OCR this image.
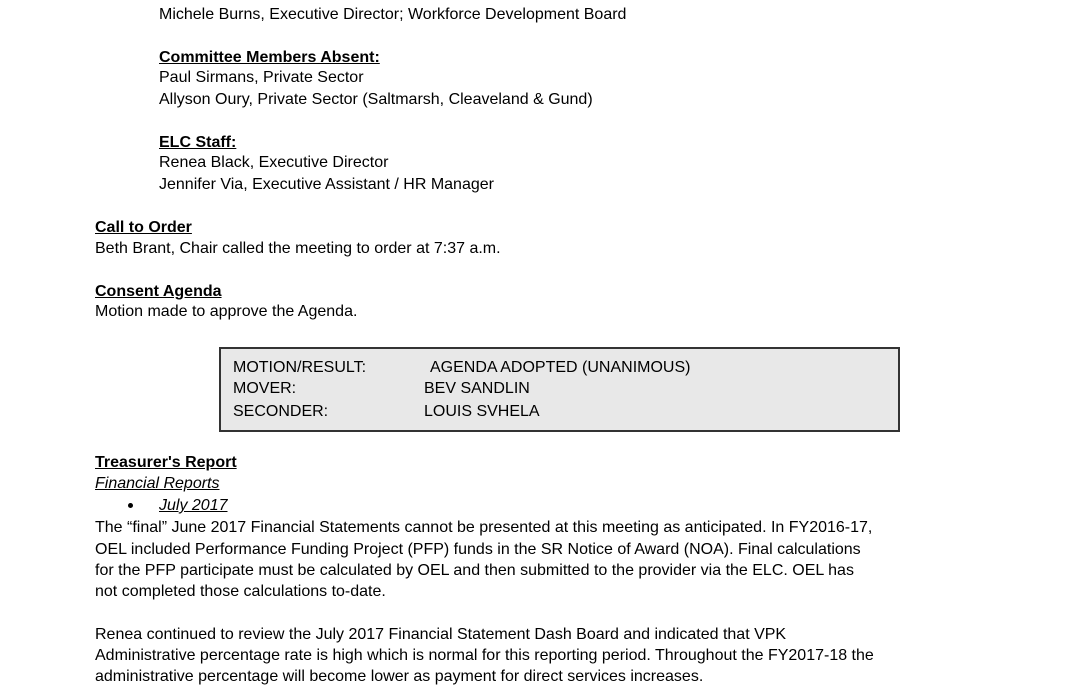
Michele Burns, Executive Director; Workforce Development Board
Committee Members Absent:
Paul Sirmans, Private Sector
Allyson Oury, Private Sector (Saltmarsh, Cleaveland & Gund)
ELC Staff:
Renea Black, Executive Director
Jennifer Via, Executive Assistant / HR Manager
Call to Order
Beth Brant, Chair called the meeting to order at 7:37 a.m.
Consent Agenda
Motion made to approve the Agenda.
MOTION/RESULT:	AGENDA ADOPTED (UNANIMOUS)
MOVER:	BEV SANDLIN
SECONDER:	LOUIS SVHELA
Treasurer's Report
Financial Reports
July 2017
The “final” June 2017 Financial Statements cannot be presented at this meeting as anticipated. In FY2016-17,
OEL included Performance Funding Project (PFP) funds in the SR Notice of Award (NOA). Final calculations
for the PFP participate must be calculated by OEL and then submitted to the provider via the ELC. OEL has
not completed those calculations to-date.
Renea continued to review the July 2017 Financial Statement Dash Board and indicated that VPK
Administrative percentage rate is high which is normal for this reporting period. Throughout the FY2017-18 the
administrative percentage will become lower as payment for direct services increases.
